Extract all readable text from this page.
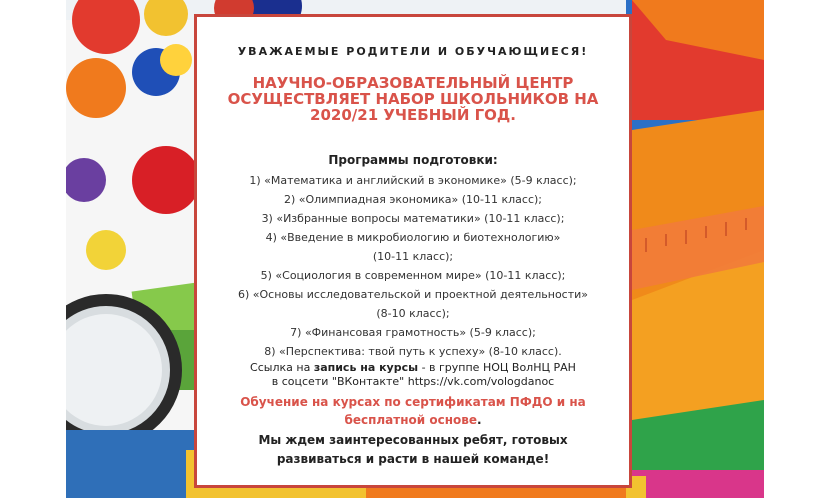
УВАЖАЕМЫЕ РОДИТЕЛИ И ОБУЧАЮЩИЕСЯ!
НАУЧНО-ОБРАЗОВАТЕЛЬНЫЙ ЦЕНТР ОСУЩЕСТВЛЯЕТ НАБОР ШКОЛЬНИКОВ НА 2020/21 УЧЕБНЫЙ ГОД.
Программы подготовки:
1) «Математика и английский в экономике» (5-9 класс);
2) «Олимпиадная экономика» (10-11 класс);
3) «Избранные вопросы математики» (10-11 класс);
4) «Введение в микробиологию и биотехнологию»
(10-11 класс);
5) «Социология в современном мире» (10-11 класс);
6) «Основы исследовательской и проектной деятельности»
(8-10 класс);
7) «Финансовая грамотность» (5-9 класс);
8) «Перспектива: твой путь к успеху» (8-10 класс).
Ссылка на запись на курсы - в группе НОЦ ВолНЦ РАН
в соцсети "ВКонтакте" https://vk.com/vologdanoc
Обучение на курсах по сертификатам ПФДО и на бесплатной основе.
Мы ждем заинтересованных ребят, готовых развиваться и расти в нашей команде!
